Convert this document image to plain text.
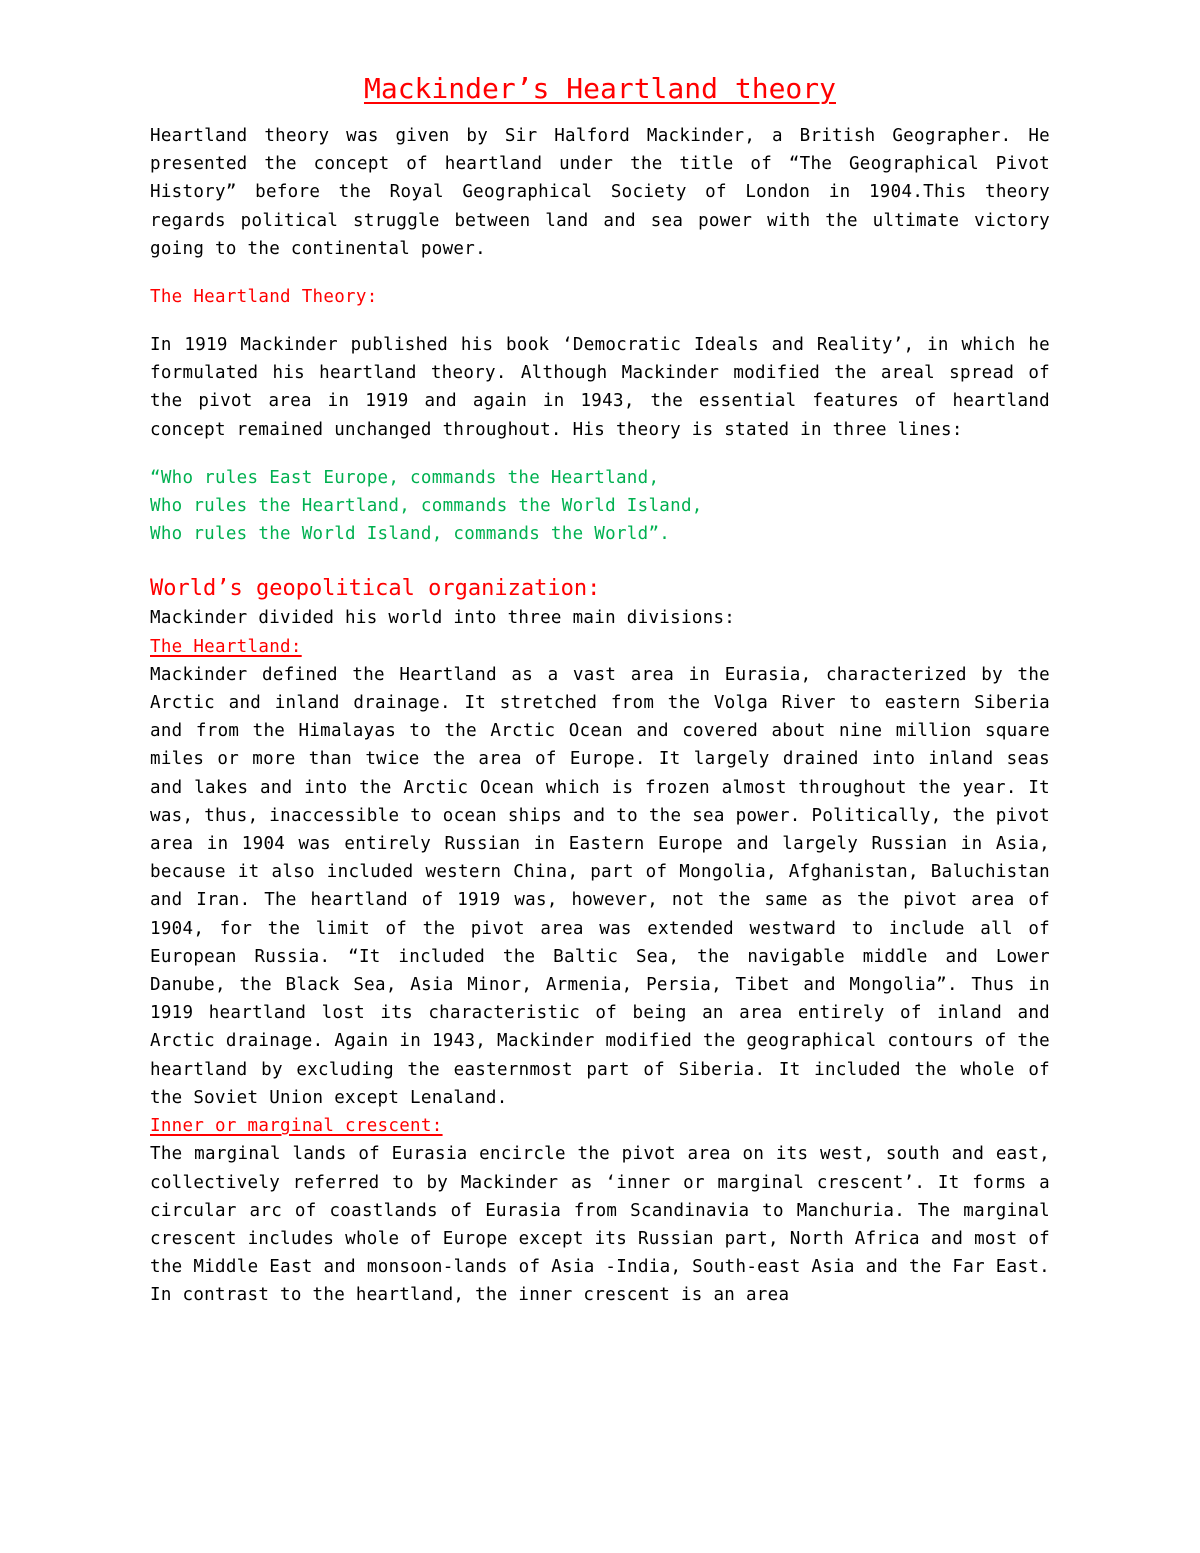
Mackinder’s Heartland theory

Heartland theory was given by Sir Halford Mackinder, a British Geographer. He presented the concept of heartland under the title of “The Geographical Pivot History” before the Royal Geographical Society of London in 1904.This theory regards political struggle between land and sea power with the ultimate victory going to the continental power.

The Heartland Theory:

In 1919 Mackinder published his book ‘Democratic Ideals and Reality’, in which he formulated his heartland theory. Although Mackinder modified the areal spread of the pivot area in 1919 and again in 1943, the essential features of heartland concept remained unchanged throughout. His theory is stated in three lines:

“Who rules East Europe, commands the Heartland,

Who rules the Heartland, commands the World Island,

Who rules the World Island, commands the World”.

World’s geopolitical organization:

Mackinder divided his world into three main divisions:

The Heartland:

Mackinder defined the Heartland as a vast area in Eurasia, characterized by the Arctic and inland drainage. It stretched from the Volga River to eastern Siberia and from the Himalayas to the Arctic Ocean and covered about nine million square miles or more than twice the area of Europe. It largely drained into inland seas and lakes and into the Arctic Ocean which is frozen almost throughout the year. It was, thus, inaccessible to ocean ships and to the sea power. Politically, the pivot area in 1904 was entirely Russian in Eastern Europe and largely Russian in Asia, because it also included western China, part of Mongolia, Afghanistan, Baluchistan and Iran. The heartland of 1919 was, however, not the same as the pivot area of 1904, for the limit of the pivot area was extended westward to include all of European Russia. “It included the Baltic Sea, the navigable middle and Lower Danube, the Black Sea, Asia Minor, Armenia, Persia, Tibet and Mongolia”. Thus in 1919 heartland lost its characteristic of being an area entirely of inland and Arctic drainage. Again in 1943, Mackinder modified the geographical contours of the heartland by excluding the easternmost part of Siberia. It included the whole of the Soviet Union except Lenaland.

Inner or marginal crescent:

The marginal lands of Eurasia encircle the pivot area on its west, south and east, collectively referred to by Mackinder as ‘inner or marginal crescent’. It forms a circular arc of coastlands of Eurasia from Scandinavia to Manchuria. The marginal crescent includes whole of Europe except its Russian part, North Africa and most of the Middle East and monsoon-lands of Asia -India, South-east Asia and the Far East. In contrast to the heartland, the inner crescent is an area
